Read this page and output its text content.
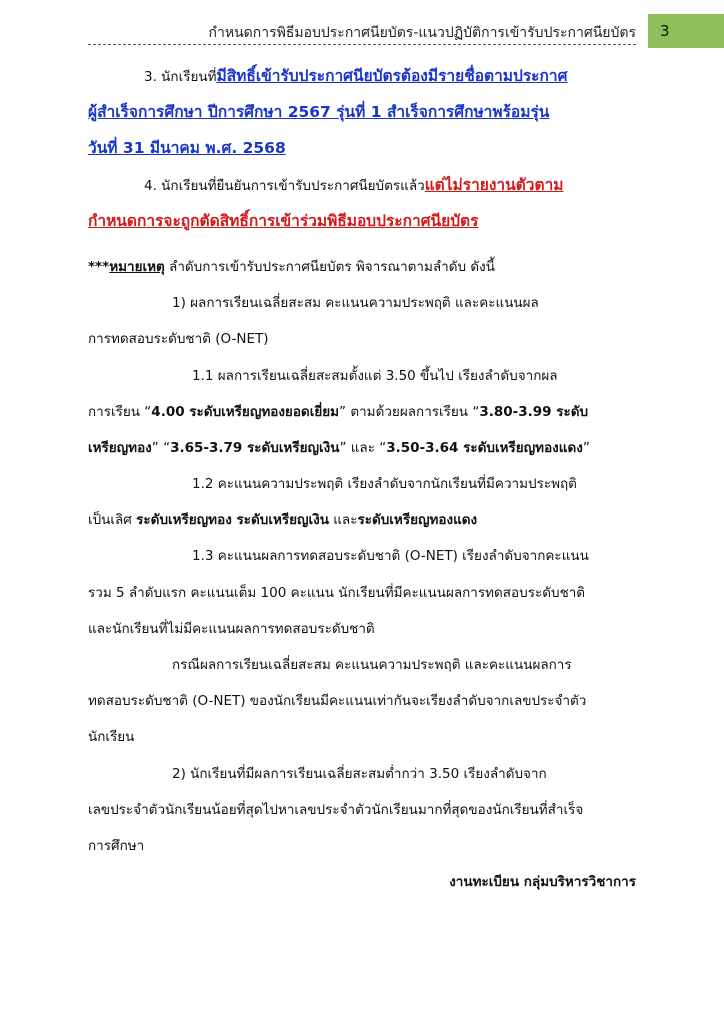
กำหนดการพิธีมอบประกาศนียบัตร-แนวปฏิบัติการเข้ารับประกาศนียบัตร	3
3. นักเรียนที่มีสิทธิ์เข้ารับประกาศนียบัตรต้องมีรายชื่อตามประกาศ
ผู้สำเร็จการศึกษา ปีการศึกษา 2567 รุ่นที่ 1 สำเร็จการศึกษาพร้อมรุ่น
วันที่ 31 มีนาคม พ.ศ. 2568
4. นักเรียนที่ยืนยันการเข้ารับประกาศนียบัตรแล้วแต่ไม่รายงานตัวตาม
กำหนดการจะถูกตัดสิทธิ์การเข้าร่วมพิธีมอบประกาศนียบัตร
***หมายเหตุ ลำดับการเข้ารับประกาศนียบัตร พิจารณาตามลำดับ ดังนี้
1) ผลการเรียนเฉลี่ยสะสม คะแนนความประพฤติ และคะแนนผล
การทดสอบระดับชาติ (O-NET)
1.1 ผลการเรียนเฉลี่ยสะสมตั้งแต่ 3.50 ขึ้นไป เรียงลำดับจากผล
การเรียน “4.00 ระดับเหรียญทองยอดเยี่ยม” ตามด้วยผลการเรียน “3.80-3.99 ระดับ
เหรียญทอง” “3.65-3.79 ระดับเหรียญเงิน” และ “3.50-3.64 ระดับเหรียญทองแดง”
1.2 คะแนนความประพฤติ เรียงลำดับจากนักเรียนที่มีความประพฤติ
เป็นเลิศ ระดับเหรียญทอง ระดับเหรียญเงิน และระดับเหรียญทองแดง
1.3 คะแนนผลการทดสอบระดับชาติ (O-NET) เรียงลำดับจากคะแนน
รวม 5 ลำดับแรก คะแนนเต็ม 100 คะแนน นักเรียนที่มีคะแนนผลการทดสอบระดับชาติ
และนักเรียนที่ไม่มีคะแนนผลการทดสอบระดับชาติ
กรณีผลการเรียนเฉลี่ยสะสม คะแนนความประพฤติ และคะแนนผลการ
ทดสอบระดับชาติ (O-NET) ของนักเรียนมีคะแนนเท่ากันจะเรียงลำดับจากเลขประจำตัว
นักเรียน
2) นักเรียนที่มีผลการเรียนเฉลี่ยสะสมต่ำกว่า 3.50 เรียงลำดับจาก
เลขประจำตัวนักเรียนน้อยที่สุดไปหาเลขประจำตัวนักเรียนมากที่สุดของนักเรียนที่สำเร็จ
การศึกษา
งานทะเบียน กลุ่มบริหารวิชาการ
